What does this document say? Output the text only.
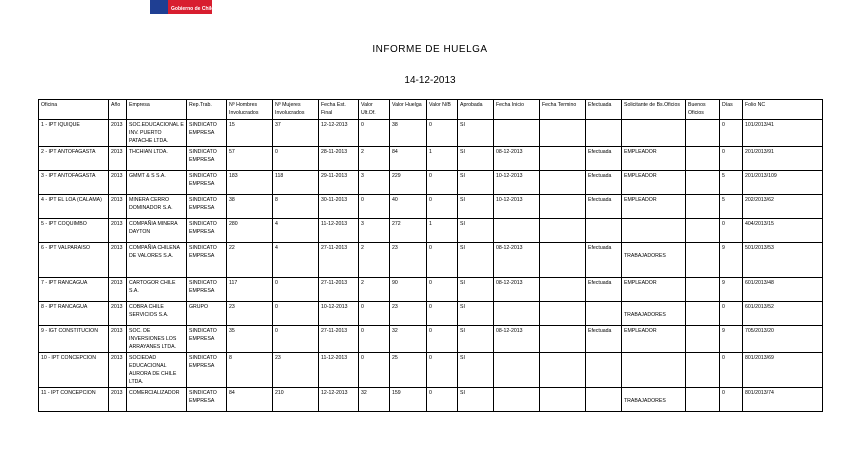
Gobierno de Chile
INFORME DE HUELGA
14-12-2013
Oficina	Año	Empresa	Rep.Trab.	Nº Hombres Involucrados	Nº Mujeres Involucrados	Fecha Est. Final	Valor Ult.Of.	Valor Huelga	Valor N/B	Aprobada	Fecha Inicio	Fecha Termino	Efectuada	Solicitante de Bs.Oficios	Buenos Oficios	Días	Folio NC
1 - IPT IQUIQUE	2013	SOC.EDUCACIONAL E INV. PUERTO PATACHE LTDA.	SINDICATO EMPRESA	15	37	12-12-2013	0	38	0	SI						0	101/2013/41
2 - IPT ANTOFAGASTA	2013	THCHIAN LTDA.	SINDICATO EMPRESA	57	0	28-11-2013	2	84	1	SI	08-12-2013		Efectuada	EMPLEADOR		0	201/2013/91
3 - IPT ANTOFAGASTA	2013	GMMT & S S.A.	SINDICATO EMPRESA	183	118	29-11-2013	3	229	0	SI	10-12-2013		Efectuada	EMPLEADOR		5	201/2013/109
4 - IPT EL LOA (CALAMA)	2013	MINERA CERRO DOMINADOR S.A.	SINDICATO EMPRESA	38	8	30-11-2013	0	40	0	SI	10-12-2013		Efectuada	EMPLEADOR		5	202/2013/62
5 - IPT COQUIMBO	2013	COMPAÑIA MINERA DAYTON	SINDICATO EMPRESA	280	4	11-12-2013	3	272	1	SI						0	404/2013/15
6 - IPT VALPARAISO	2013	COMPAÑIA CHILENA DE VALORES S.A.	SINDICATO EMPRESA	22	4	27-11-2013	2	23	0	SI	08-12-2013		Efectuada	TRABAJADORES		9	501/2013/53
7 - IPT RANCAGUA	2013	CARTOGOR CHILE S.A.	SINDICATO EMPRESA	117	0	27-11-2013	2	90	0	SI	08-12-2013		Efectuada	EMPLEADOR		9	601/2013/48
8 - IPT RANCAGUA	2013	COBRA CHILE SERVICIOS S.A.	GRUPO	23	0	10-12-2013	0	23	0	SI				TRABAJADORES		0	601/2013/52
9 - IGT CONSTITUCION	2013	SOC. DE INVERSIONES LOS ARRAYANES LTDA.	SINDICATO EMPRESA	35	0	27-11-2013	0	32	0	SI	08-12-2013		Efectuada	EMPLEADOR		9	705/2013/20
10 - IPT CONCEPCION	2013	SOCIEDAD EDUCACIONAL AURORA DE CHILE LTDA.	SINDICATO EMPRESA	8	23	11-12-2013	0	25	0	SI						0	801/2013/69
11 - IPT CONCEPCION	2013	COMERCIALIZADOR	SINDICATO EMPRESA	84	210	12-12-2013	32	159	0	SI				TRABAJADORES		0	801/2013/74
